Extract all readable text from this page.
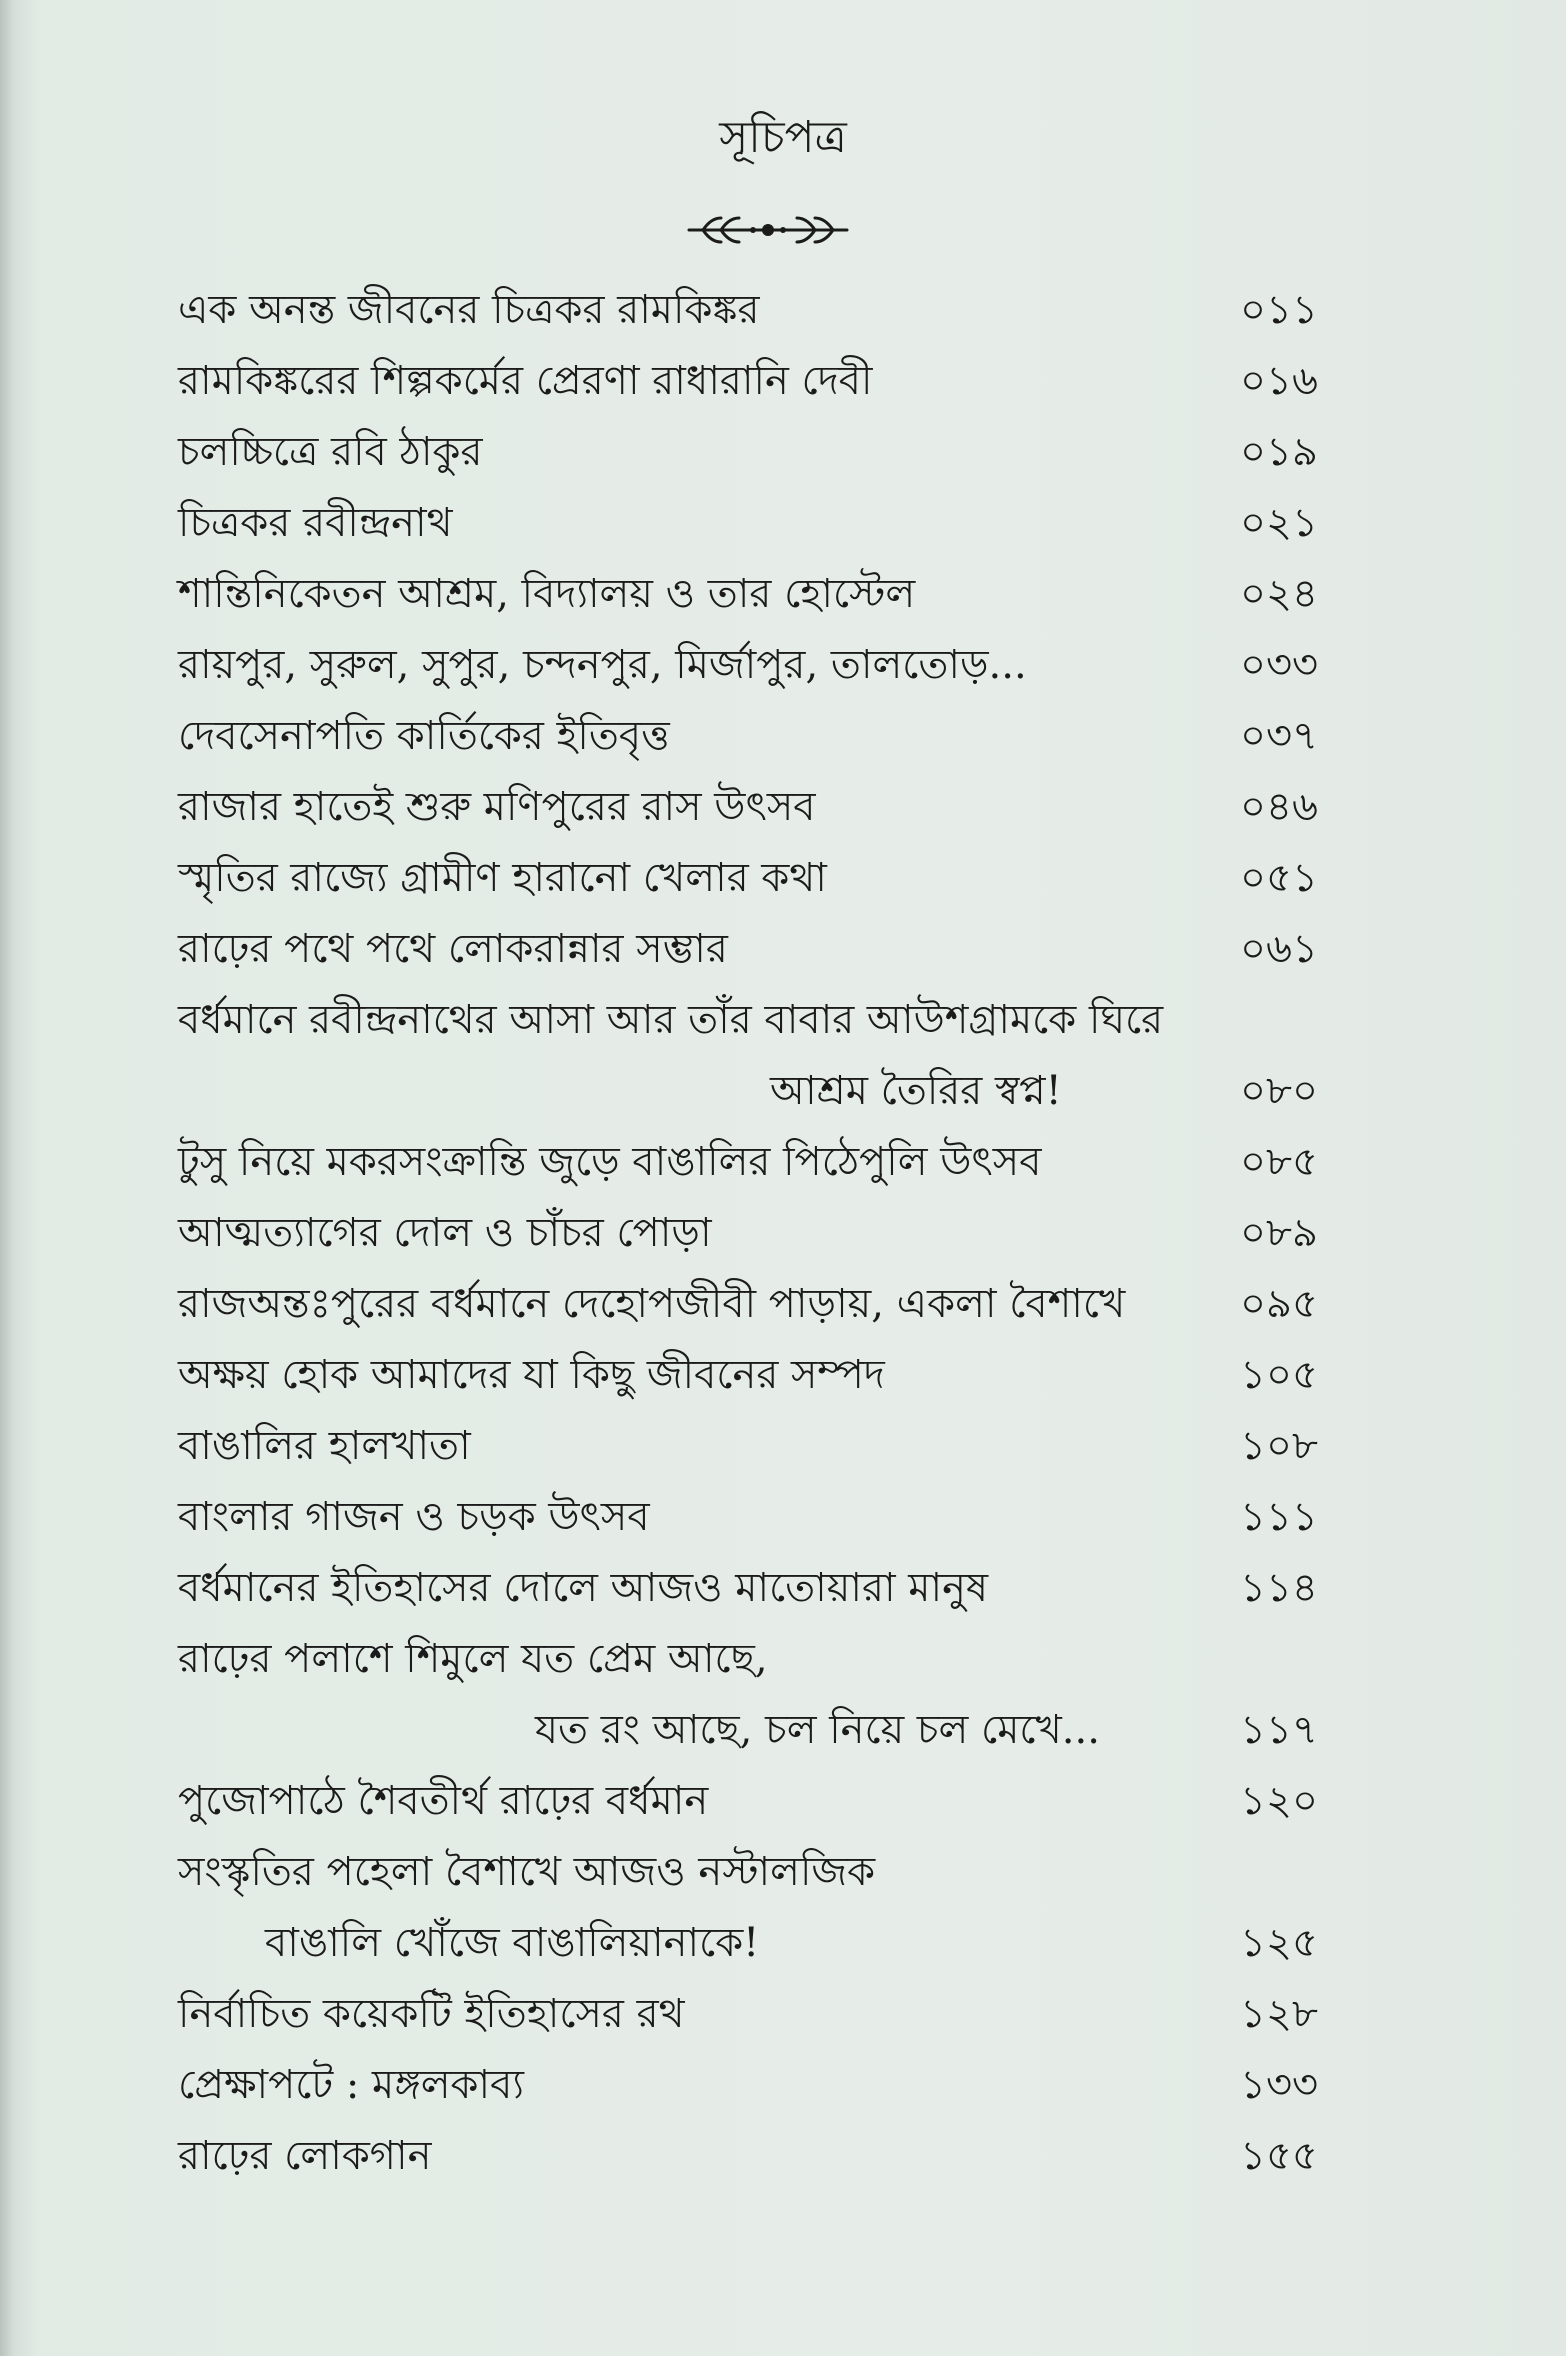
সূচিপত্র
এক অনন্ত জীবনের চিত্রকর রামকিঙ্কর	০১১
রামকিঙ্করের শিল্পকর্মের প্রেরণা রাধারানি দেবী	০১৬
চলচ্চিত্রে রবি ঠাকুর	০১৯
চিত্রকর রবীন্দ্রনাথ	০২১
শান্তিনিকেতন আশ্রম, বিদ্যালয় ও তার হোস্টেল	০২৪
রায়পুর, সুরুল, সুপুর, চন্দনপুর, মির্জাপুর, তালতোড়...	০৩৩
দেবসেনাপতি কার্তিকের ইতিবৃত্ত	০৩৭
রাজার হাতেই শুরু মণিপুরের রাস উৎসব	০৪৬
স্মৃতির রাজ্যে গ্রামীণ হারানো খেলার কথা	০৫১
রাঢ়ের পথে পথে লোকরান্নার সম্ভার	০৬১
বর্ধমানে রবীন্দ্রনাথের আসা আর তাঁর বাবার আউশগ্রামকে ঘিরে
আশ্রম তৈরির স্বপ্ন!	০৮০
টুসু নিয়ে মকরসংক্রান্তি জুড়ে বাঙালির পিঠেপুলি উৎসব	০৮৫
আত্মত্যাগের দোল ও চাঁচর পোড়া	০৮৯
রাজঅন্তঃপুরের বর্ধমানে দেহোপজীবী পাড়ায়, একলা বৈশাখে	০৯৫
অক্ষয় হোক আমাদের যা কিছু জীবনের সম্পদ	১০৫
বাঙালির হালখাতা	১০৮
বাংলার গাজন ও চড়ক উৎসব	১১১
বর্ধমানের ইতিহাসের দোলে আজও মাতোয়ারা মানুষ	১১৪
রাঢ়ের পলাশে শিমুলে যত প্রেম আছে,
যত রং আছে, চল নিয়ে চল মেখে...	১১৭
পুজোপাঠে শৈবতীর্থ রাঢ়ের বর্ধমান	১২০
সংস্কৃতির পহেলা বৈশাখে আজও নস্টালজিক
বাঙালি খোঁজে বাঙালিয়ানাকে!	১২৫
নির্বাচিত কয়েকটি ইতিহাসের রথ	১২৮
প্রেক্ষাপটে : মঙ্গলকাব্য	১৩৩
রাঢ়ের লোকগান	১৫৫
